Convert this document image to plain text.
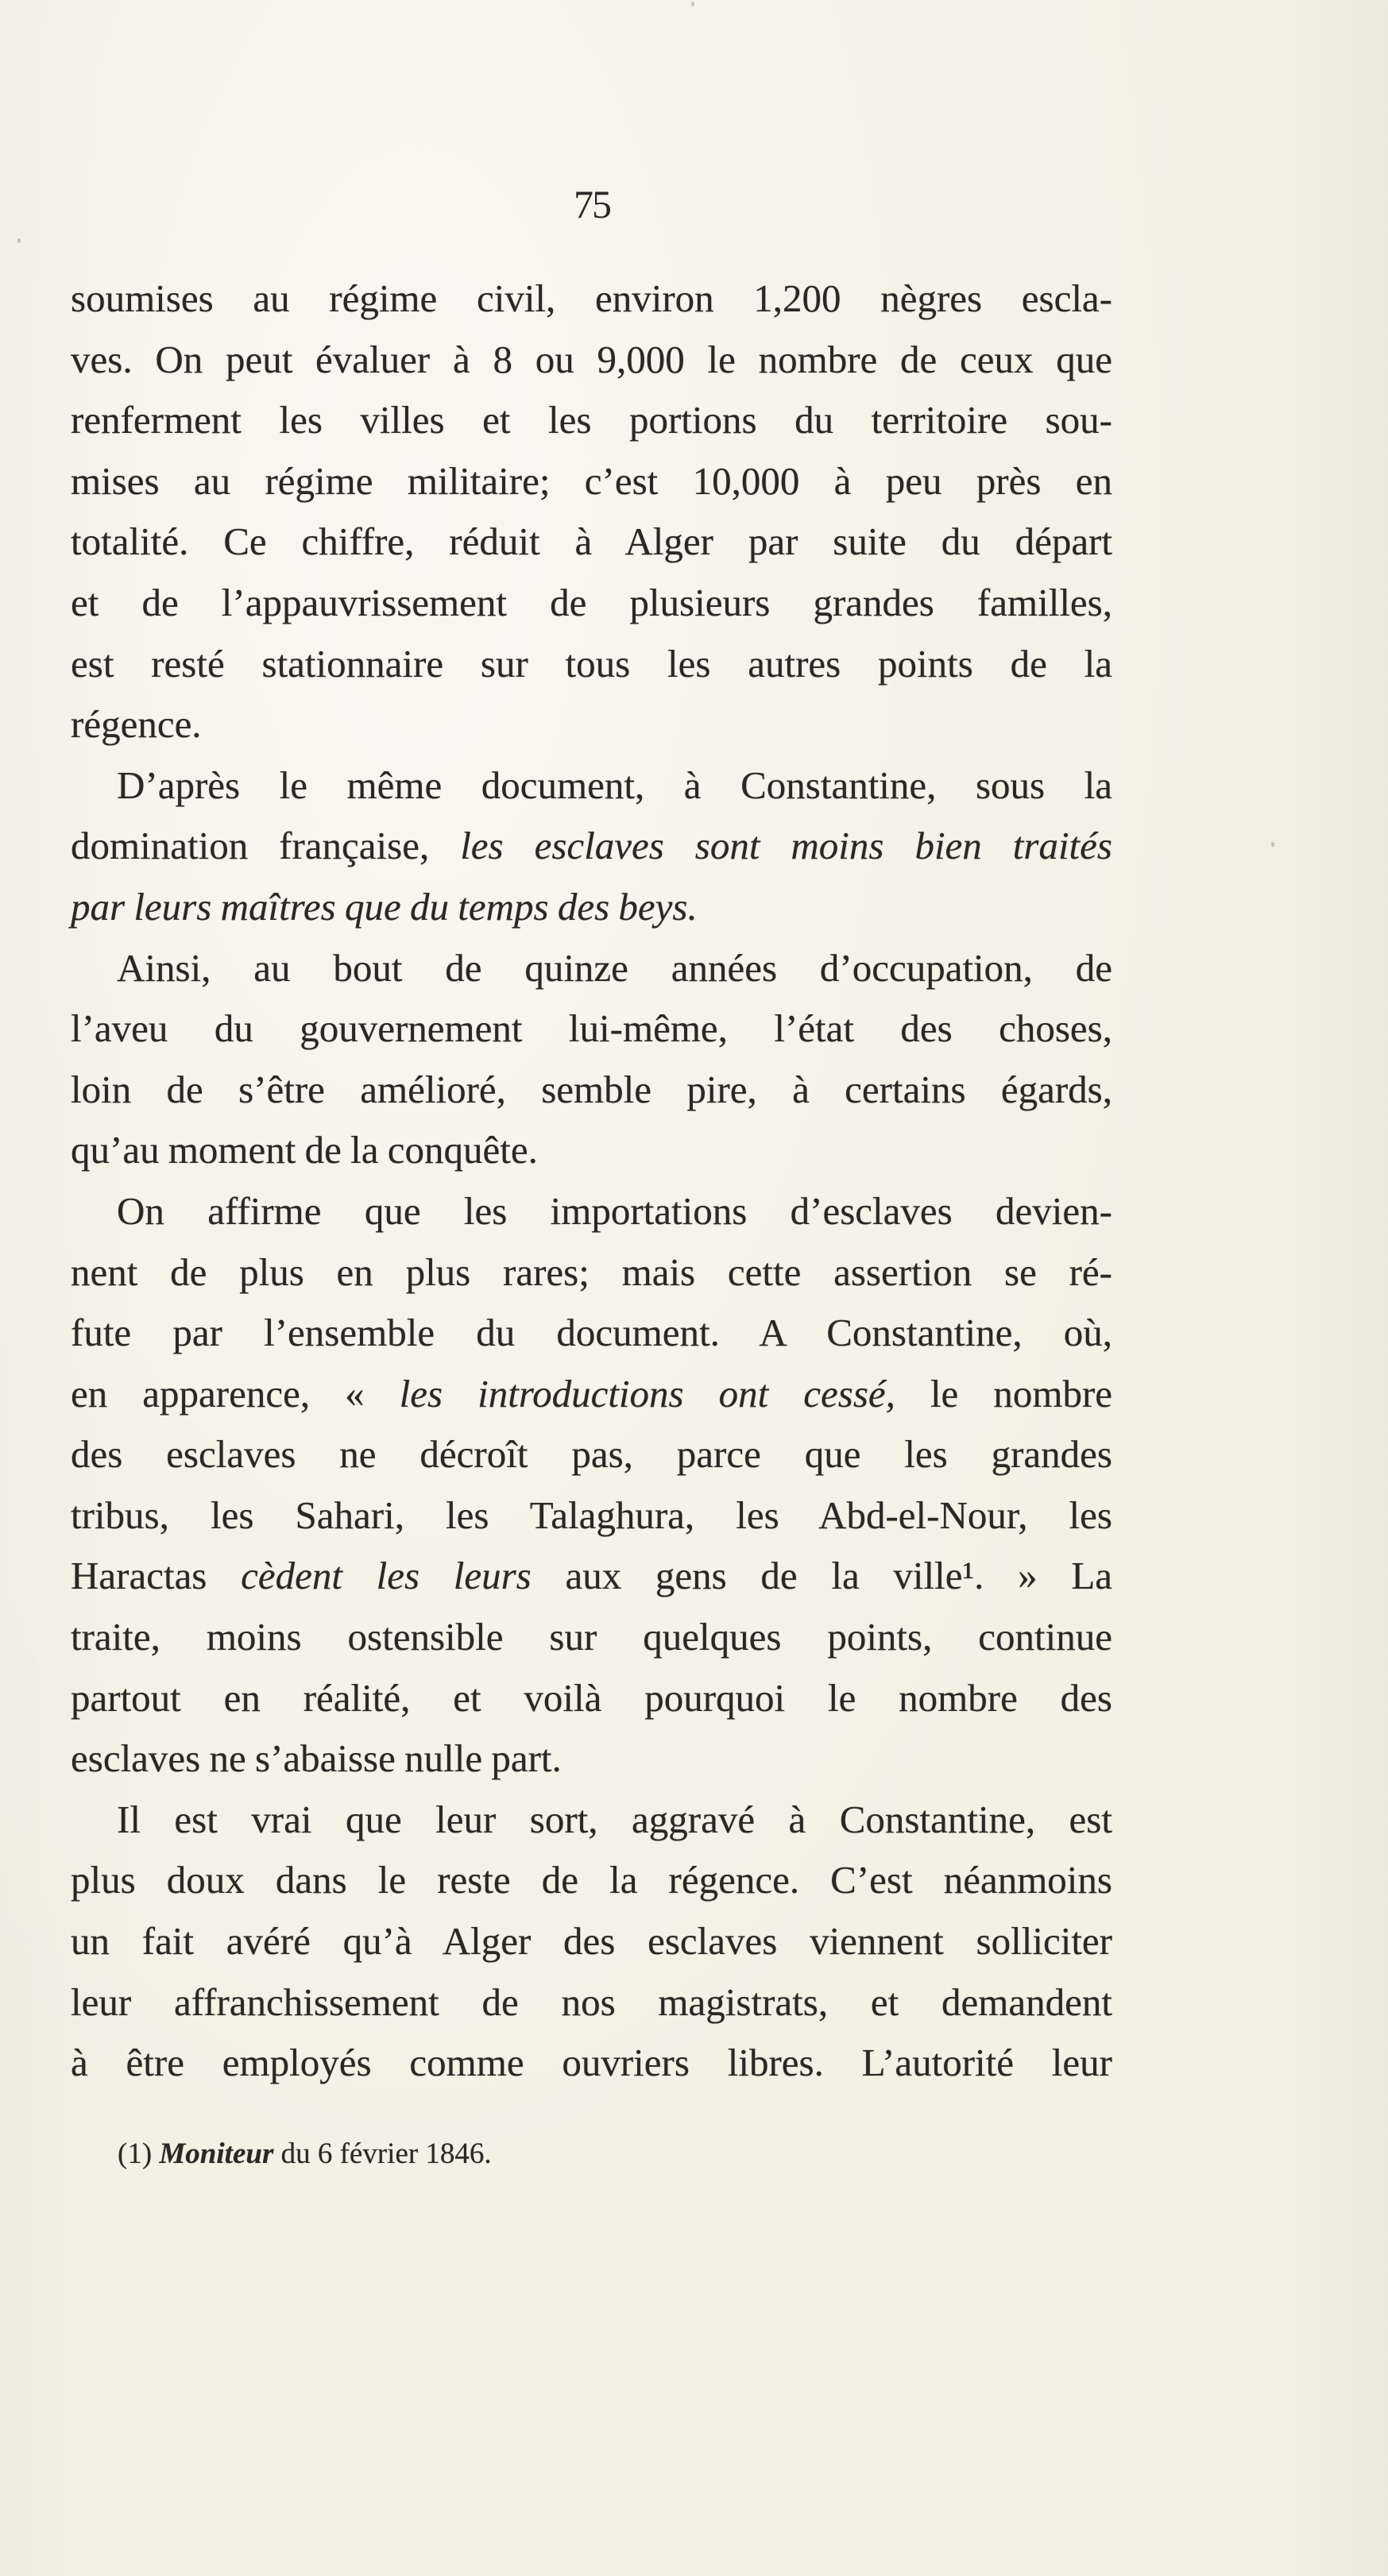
75
soumises au régime civil, environ 1,200 nègres escla-
ves. On peut évaluer à 8 ou 9,000 le nombre de ceux que
renferment les villes et les portions du territoire sou-
mises au régime militaire; c’est 10,000 à peu près en
totalité. Ce chiffre, réduit à Alger par suite du départ
et de l’appauvrissement de plusieurs grandes familles,
est resté stationnaire sur tous les autres points de la
régence.
D’après le même document, à Constantine, sous la
domination française, les esclaves sont moins bien traités
par leurs maîtres que du temps des beys.
Ainsi, au bout de quinze années d’occupation, de
l’aveu du gouvernement lui-même, l’état des choses,
loin de s’être amélioré, semble pire, à certains égards,
qu’au moment de la conquête.
On affirme que les importations d’esclaves devien-
nent de plus en plus rares; mais cette assertion se ré-
fute par l’ensemble du document. A Constantine, où,
en apparence, « les introductions ont cessé, le nombre
des esclaves ne décroît pas, parce que les grandes
tribus, les Sahari, les Talaghura, les Abd-el-Nour, les
Haractas cèdent les leurs aux gens de la ville¹. » La
traite, moins ostensible sur quelques points, continue
partout en réalité, et voilà pourquoi le nombre des
esclaves ne s’abaisse nulle part.
Il est vrai que leur sort, aggravé à Constantine, est
plus doux dans le reste de la régence. C’est néanmoins
un fait avéré qu’à Alger des esclaves viennent solliciter
leur affranchissement de nos magistrats, et demandent
à être employés comme ouvriers libres. L’autorité leur
(1) Moniteur du 6 février 1846.
